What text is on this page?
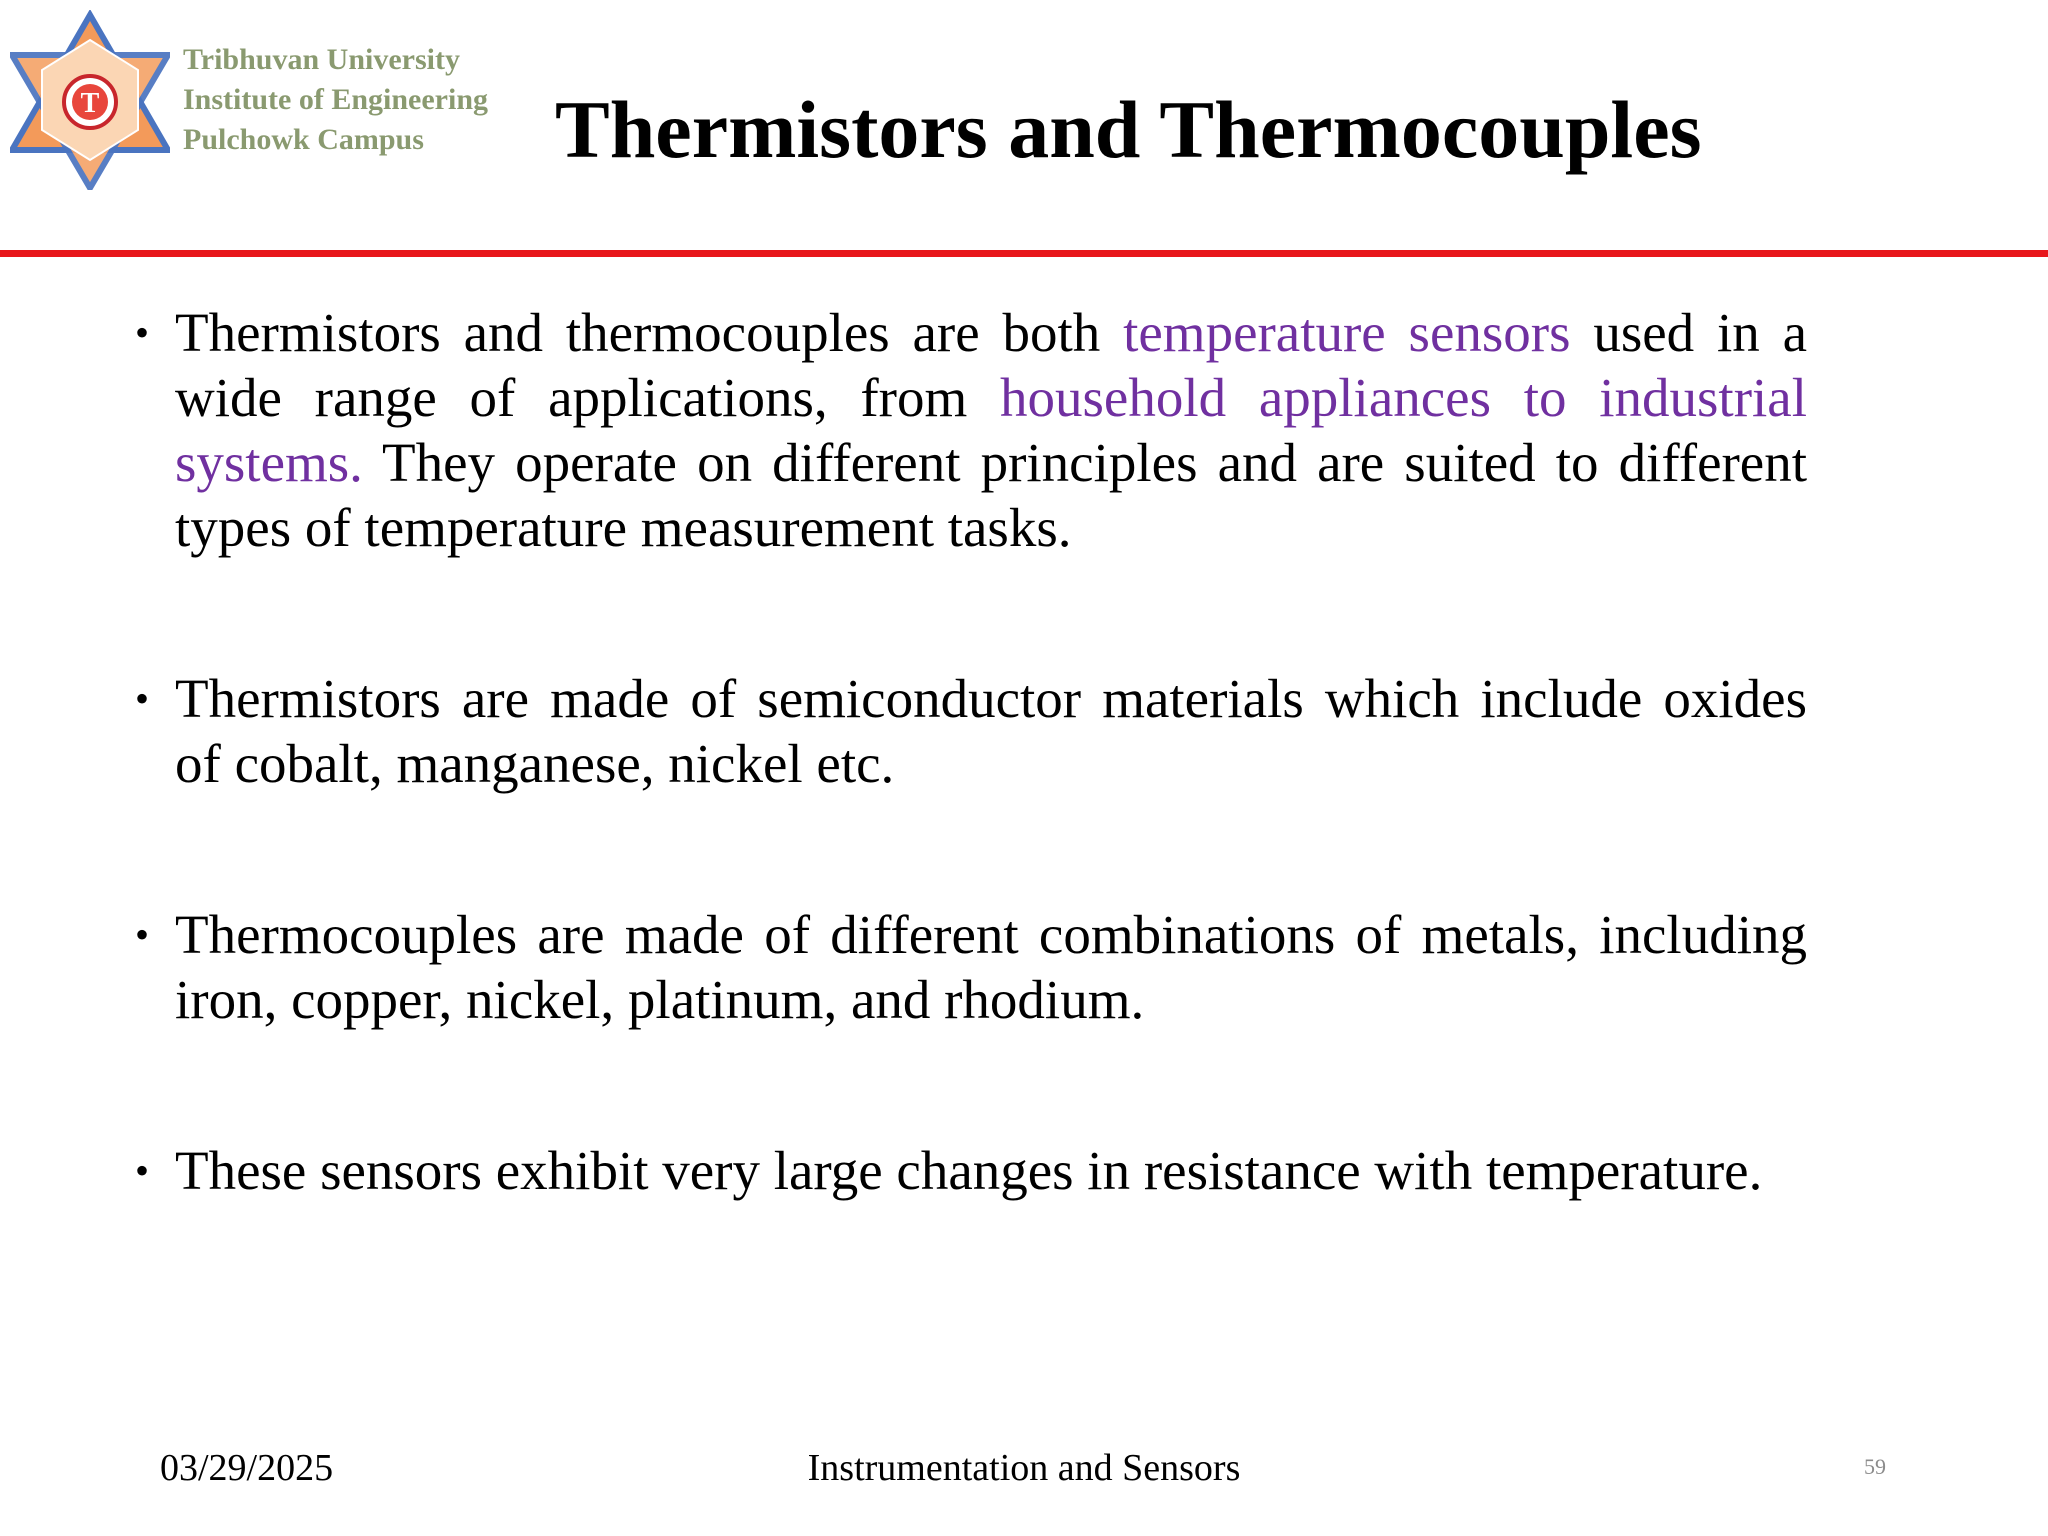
T
Tribhuvan University
Institute of Engineering
Pulchowk Campus	Thermistors and Thermocouples
• Thermistors and thermocouples are both temperature sensors used in a wide range of applications, from household appliances to industrial systems. They operate on different principles and are suited to different types of temperature measurement tasks.
• Thermistors are made of semiconductor materials which include oxides of cobalt, manganese, nickel etc.
• Thermocouples are made of different combinations of metals, including iron, copper, nickel, platinum, and rhodium.
• These sensors exhibit very large changes in resistance with temperature.
03/29/2025	Instrumentation and Sensors	59
